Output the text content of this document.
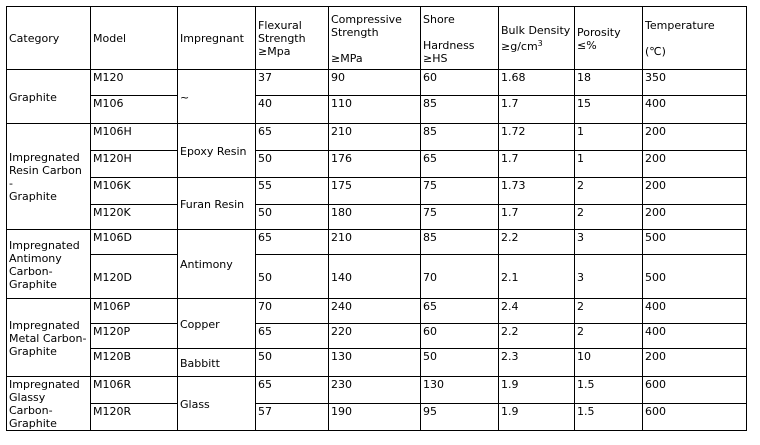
Category	Model	Impregnant	Flexural
Strength
≥Mpa	Compressive
Strength

≥MPa	Shore

Hardness ≥HS	Bulk Density
$\ge g/cm^3$	Porosity ≤%	Temperature

(℃)
Graphite	M120	~	37	90	60	1.68	18	350
	M106		40	110	85	1.7	15	400
Impregnated
Resin Carbon -
Graphite	M106H	Epoxy Resin	65	210	85	1.72	1	200
	M120H		50	176	65	1.7	1	200
	M106K	Furan Resin	55	175	75	1.73	2	200
	M120K		50	180	75	1.7	2	200
Impregnated
Antimony
Carbon-
Graphite	M106D	Antimony	65	210	85	2.2	3	500
	M120D		50	140	70	2.1	3	500
Impregnated
Metal Carbon-
Graphite	M106P	Copper	70	240	65	2.4	2	400
	M120P		65	220	60	2.2	2	400
	M120B	Babbitt	50	130	50	2.3	10	200
Impregnated
Glassy Carbon-
Graphite	M106R	Glass	65	230	130	1.9	1.5	600
	M120R		57	190	95	1.9	1.5	600
